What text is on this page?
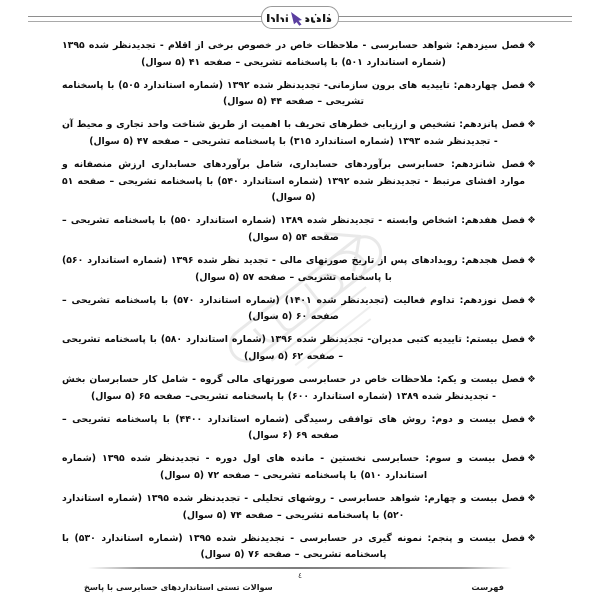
❖
فصل سیزدهم: شواهد حسابرسی - ملاحظات خاص در خصوص برخی از اقلام - تجدیدنظر شده ۱۳۹۵ (شماره استاندارد ۵۰۱) با پاسخنامه تشریحی – صفحه ۴۱ (۵ سوال)
❖
فصل چهاردهم: تاییدیه های برون سازمانی- تجدیدنظر شده ۱۳۹۲ (شماره استاندارد ۵۰۵) با پاسخنامه تشریحی – صفحه ۴۴ (۵ سوال)
❖
فصل پانزدهم: تشخیص و ارزیابی خطرهای تحریف با اهمیت از طریق شناخت واحد تجاری و محیط آن - تجدیدنظر شده ۱۳۹۳ (شماره استاندارد ۳۱۵) با پاسخنامه تشریحی – صفحه ۴۷ (۵ سوال)
❖
فصل شانزدهم: حسابرسی برآوردهای حسابداری، شامل برآوردهای حسابداری ارزش منصفانه و موارد افشای مرتبط - تجدیدنظر شده ۱۳۹۲ (شماره استاندارد ۵۴۰) با پاسخنامه تشریحی – صفحه ۵۱ (۵ سوال)
❖
فصل هفدهم: اشخاص وابسته - تجدیدنظر شده ۱۳۸۹ (شماره استاندارد ۵۵۰) با پاسخنامه تشریحی – صفحه ۵۴ (۵ سوال)
❖
فصل هجدهم: رویدادهای پس از تاریخ صورتهای مالی - تجدید نظر شده ۱۳۹۶ (شماره استاندارد ۵۶۰) با پاسخنامه تشریحی – صفحه ۵۷ (۵ سوال)
❖
فصل نوزدهم: تداوم فعالیت (تجدیدنظر شده ۱۴۰۱) (شماره استاندارد ۵۷۰) با پاسخنامه تشریحی – صفحه ۶۰ (۵ سوال)
❖
فصل بیستم: تاییدیه کتبی مدیران- تجدیدنظر شده ۱۳۹۶ (شماره استاندارد ۵۸۰) با پاسخنامه تشریحی – صفحه ۶۲ (۵ سوال)
❖
فصل بیست و یکم: ملاحظات خاص در حسابرسی صورتهای مالی گروه - شامل کار حسابرسان بخش - تجدیدنظر شده ۱۳۸۹ (شماره استاندارد ۶۰۰) با پاسخنامه تشریحی– صفحه ۶۵ (۵ سوال)
❖
فصل بیست و دوم: روش های توافقی رسیدگی (شماره استاندارد ۴۴۰۰) با پاسخنامه تشریحی – صفحه ۶۹ (۶ سوال)
❖
فصل بیست و سوم: حسابرسی نخستین - مانده های اول دوره - تجدیدنظر شده ۱۳۹۵ (شماره استاندارد ۵۱۰) با پاسخنامه تشریحی – صفحه ۷۲ (۵ سوال)
❖
فصل بیست و چهارم: شواهد حسابرسی - روشهای تحلیلی - تجدیدنظر شده ۱۳۹۵ (شماره استاندارد ۵۲۰) با پاسخنامه تشریحی – صفحه ۷۴ (۵ سوال)
❖
فصل بیست و پنجم: نمونه گیری در حسابرسی - تجدیدنظر شده ۱۳۹۵ (شماره استاندارد ۵۳۰) با پاسخنامه تشریحی – صفحه ۷۶ (۵ سوال)
٤
فهرست
سوالات تستی استانداردهای حسابرسی با پاسخ
